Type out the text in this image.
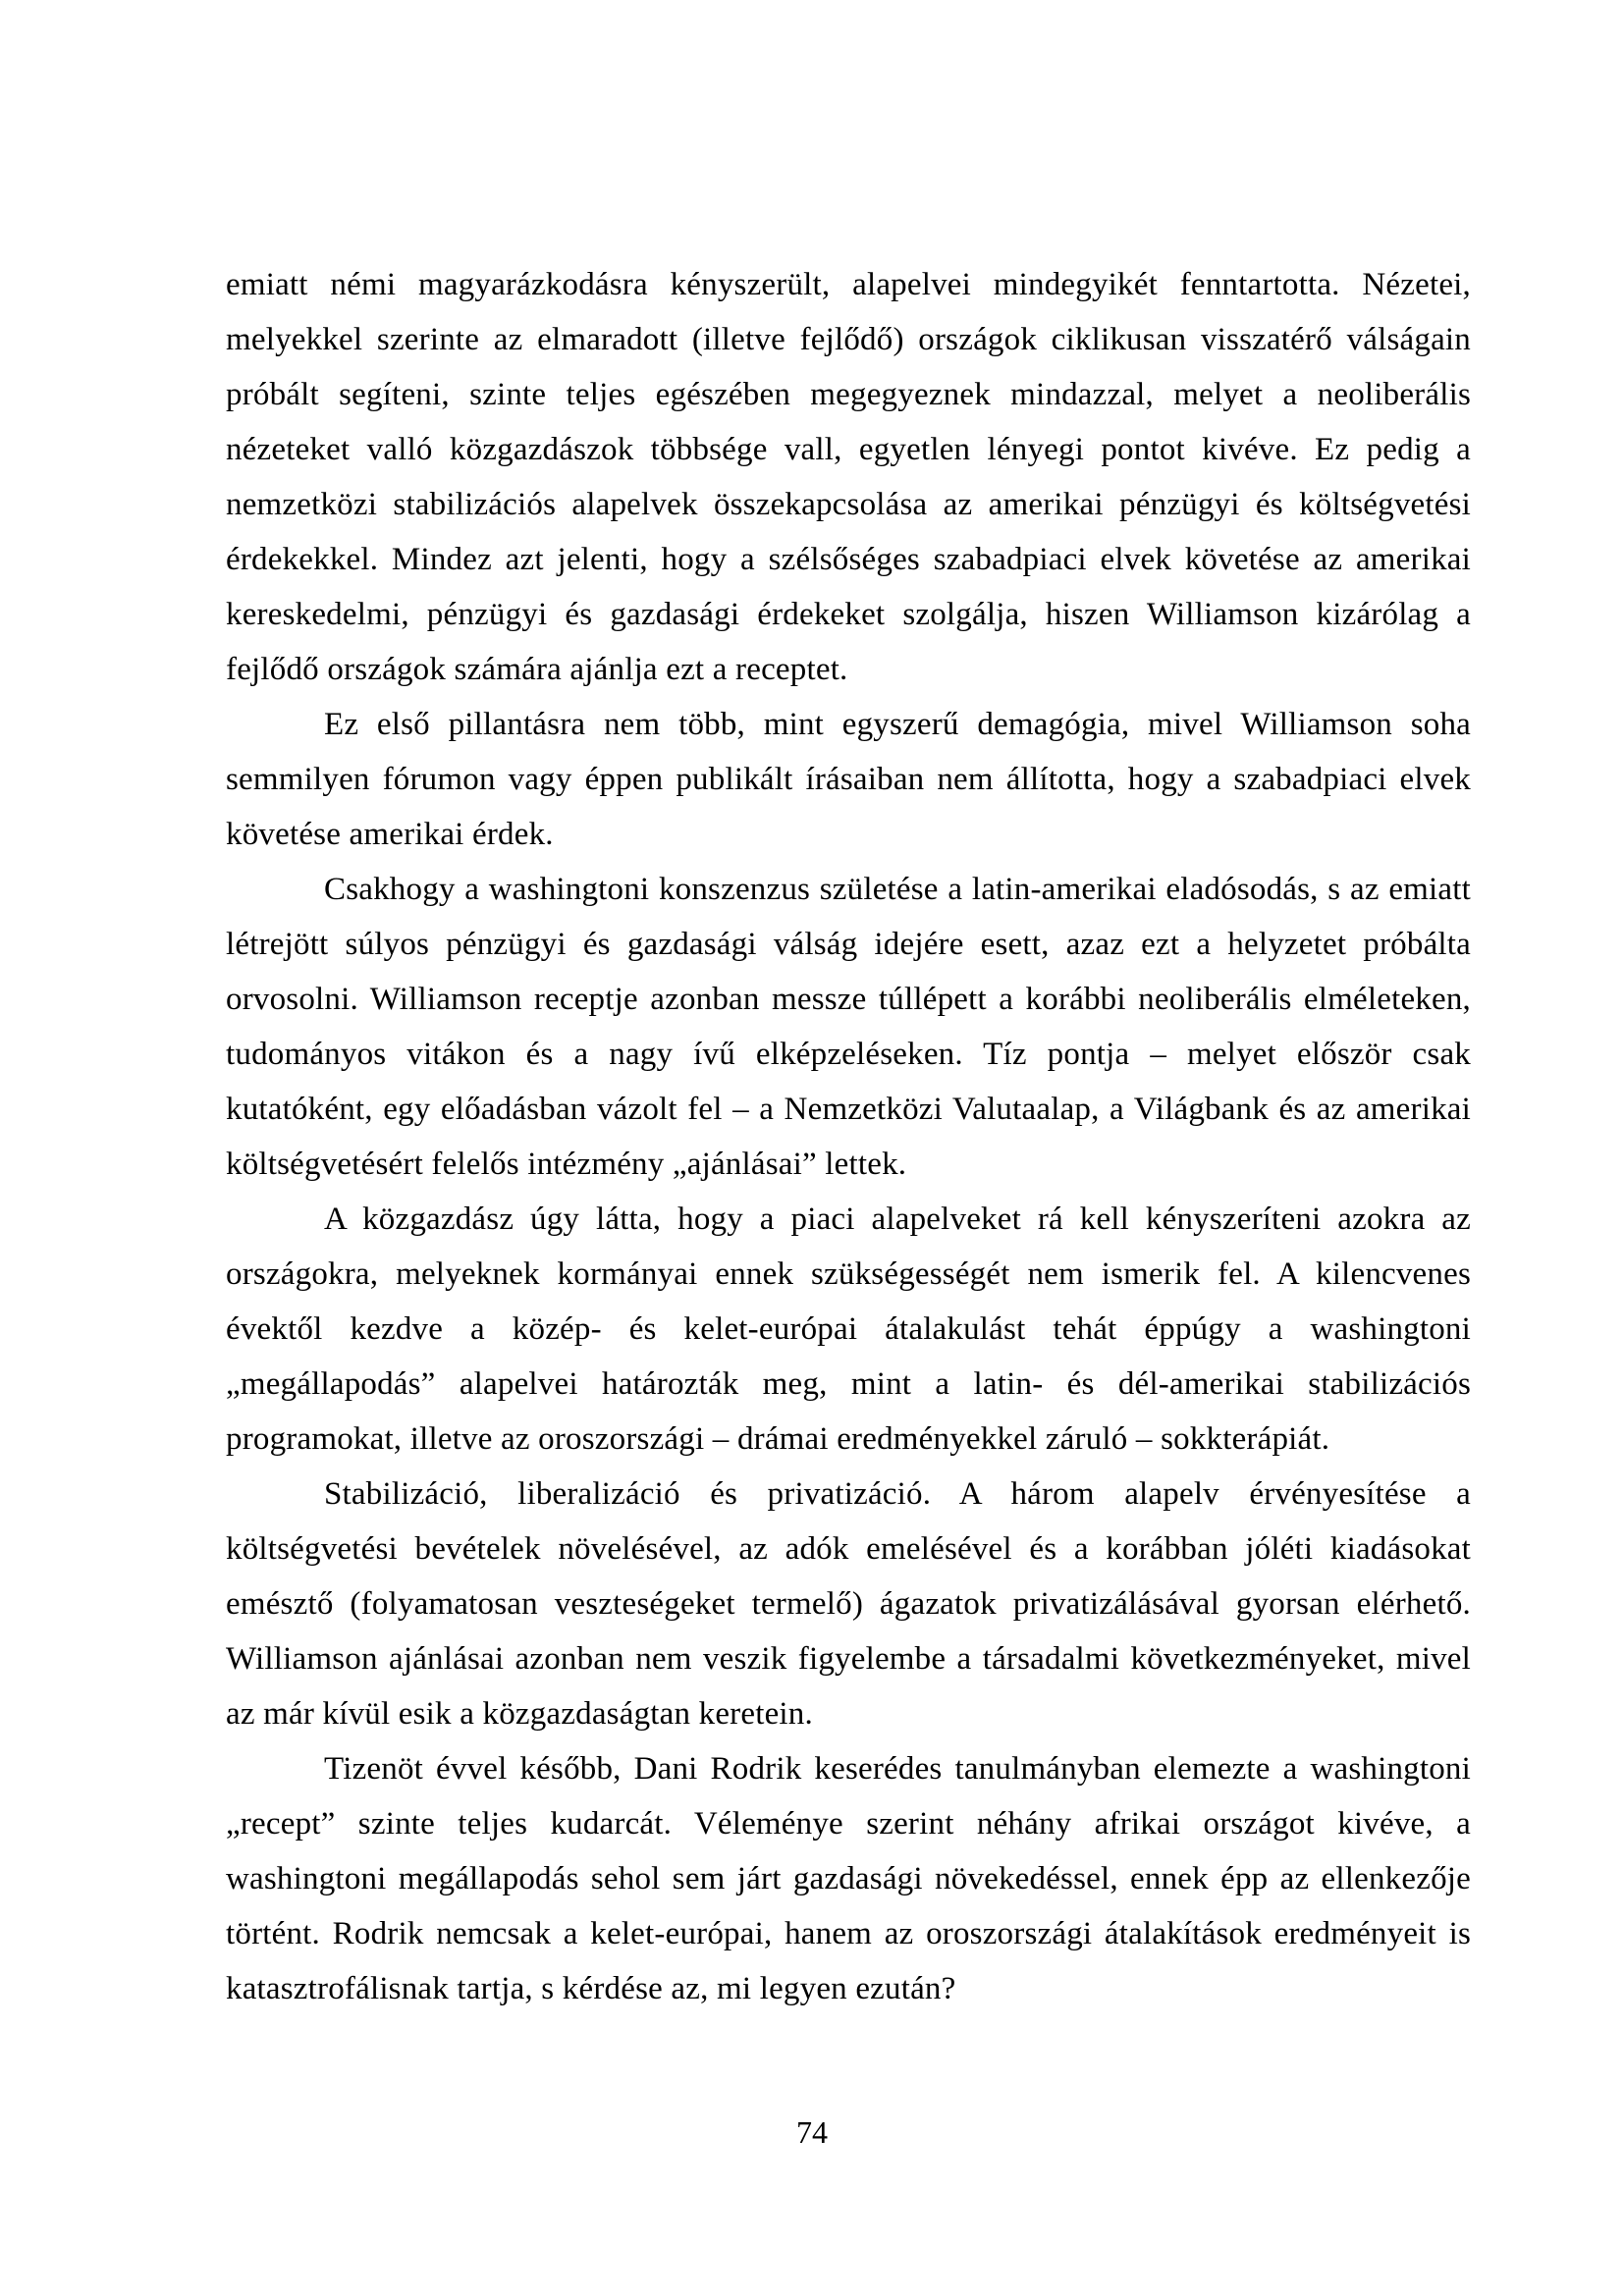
emiatt némi magyarázkodásra kényszerült, alapelvei mindegyikét fenntartotta. Nézetei, melyekkel szerinte az elmaradott (illetve fejlődő) országok ciklikusan visszatérő válságain próbált segíteni, szinte teljes egészében megegyeznek mindazzal, melyet a neoliberális nézeteket valló közgazdászok többsége vall, egyetlen lényegi pontot kivéve. Ez pedig a nemzetközi stabilizációs alapelvek összekapcsolása az amerikai pénzügyi és költségvetési érdekekkel. Mindez azt jelenti, hogy a szélsőséges szabadpiaci elvek követése az amerikai kereskedelmi, pénzügyi és gazdasági érdekeket szolgálja, hiszen Williamson kizárólag a fejlődő országok számára ajánlja ezt a receptet.

Ez első pillantásra nem több, mint egyszerű demagógia, mivel Williamson soha semmilyen fórumon vagy éppen publikált írásaiban nem állította, hogy a szabadpiaci elvek követése amerikai érdek.

Csakhogy a washingtoni konszenzus születése a latin-amerikai eladósodás, s az emiatt létrejött súlyos pénzügyi és gazdasági válság idejére esett, azaz ezt a helyzetet próbálta orvosolni. Williamson receptje azonban messze túllépett a korábbi neoliberális elméleteken, tudományos vitákon és a nagy ívű elképzeléseken. Tíz pontja – melyet először csak kutatóként, egy előadásban vázolt fel – a Nemzetközi Valutaalap, a Világbank és az amerikai költségvetésért felelős intézmény „ajánlásai” lettek.

A közgazdász úgy látta, hogy a piaci alapelveket rá kell kényszeríteni azokra az országokra, melyeknek kormányai ennek szükségességét nem ismerik fel. A kilencvenes évektől kezdve a közép- és kelet-európai átalakulást tehát éppúgy a washingtoni „megállapodás” alapelvei határozták meg, mint a latin- és dél-amerikai stabilizációs programokat, illetve az oroszországi – drámai eredményekkel záruló – sokkterápiát.

Stabilizáció, liberalizáció és privatizáció. A három alapelv érvényesítése a költségvetési bevételek növelésével, az adók emelésével és a korábban jóléti kiadásokat emésztő (folyamatosan veszteségeket termelő) ágazatok privatizálásával gyorsan elérhető. Williamson ajánlásai azonban nem veszik figyelembe a társadalmi következményeket, mivel az már kívül esik a közgazdaságtan keretein.

Tizenöt évvel később, Dani Rodrik keserédes tanulmányban elemezte a washingtoni „recept” szinte teljes kudarcát. Véleménye szerint néhány afrikai országot kivéve, a washingtoni megállapodás sehol sem járt gazdasági növekedéssel, ennek épp az ellenkezője történt. Rodrik nemcsak a kelet-európai, hanem az oroszországi átalakítások eredményeit is katasztrofálisnak tartja, s kérdése az, mi legyen ezután?

74
